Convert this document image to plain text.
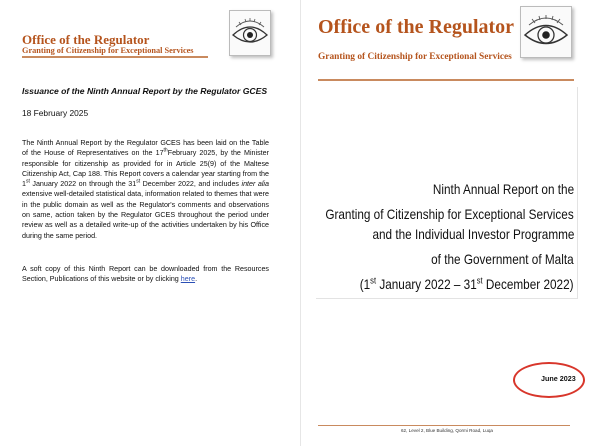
Office of the Regulator
Granting of Citizenship for Exceptional Services
Issuance of the Ninth Annual Report by the Regulator GCES
18 February 2025

The Ninth Annual Report by the Regulator GCES has been laid on the Table of the House of Representatives on the 17thFebruary 2025, by the Minister responsible for citizenship as provided for in Article 25(9) of the Maltese Citizenship Act, Cap 188. This Report covers a calendar year starting from the 1st January 2022 on through the 31st December 2022, and includes inter alia extensive well-detailed statistical data, information related to themes that were in the public domain as well as the Regulator's comments and observations on same, action taken by the Regulator GCES throughout the period under review as well as a detailed write-up of the activities undertaken by his Office during the same period.

A soft copy of this Ninth Report can be downloaded from the Resources Section, Publications of this website or by clicking here.

Office of the Regulator
Granting of Citizenship for Exceptional Services
Ninth Annual Report on the
Granting of Citizenship for Exceptional Services
and the Individual Investor Programme
of the Government of Malta
(1st January 2022 – 31st December 2022)
June 2023
62, Level 2, Blue Building, Qormi Road, Luqa
